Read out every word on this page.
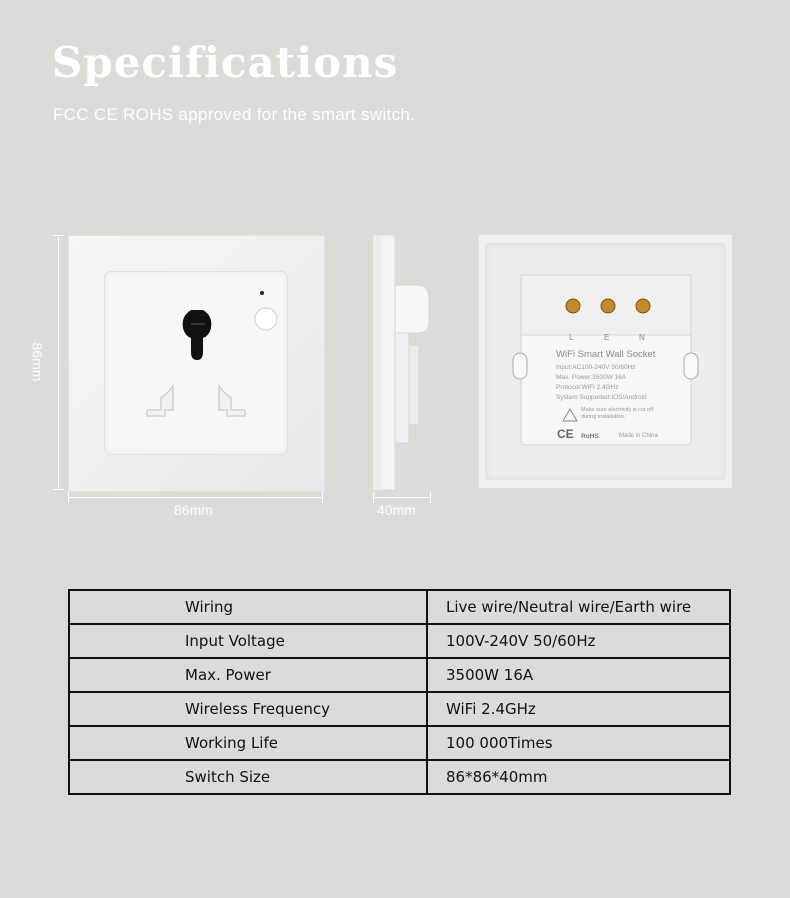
Specifications
FCC CE ROHS approved for the smart switch.
86mm
86mm	40mm
L	E	N
WiFi Smart Wall Socket
Input:AC100-240V 50/60Hz
Max. Power:3500W 16A
Protocol:WiFi 2.4GHz
System Supported:IOS/Android
Make sure electricity is cut off during installation.
CE RoHS	Made in China
Wiring	Live wire/Neutral wire/Earth wire
Input Voltage	100V-240V 50/60Hz
Max. Power	3500W 16A
Wireless Frequency	WiFi 2.4GHz
Working Life	100 000Times
Switch Size	86*86*40mm
